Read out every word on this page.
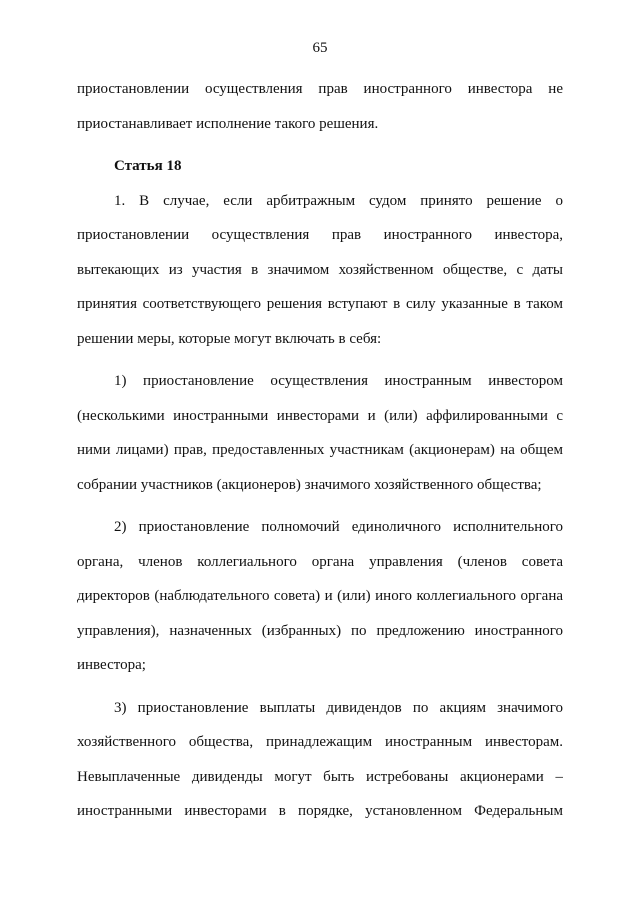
65
приостановлении осуществления прав иностранного инвестора не
приостанавливает исполнение такого решения.
Статья 18
1. В случае, если арбитражным судом принято решение о
приостановлении осуществления прав иностранного инвестора,
вытекающих из участия в значимом хозяйственном обществе, с даты
принятия соответствующего решения вступают в силу указанные в таком
решении меры, которые могут включать в себя:
1) приостановление осуществления иностранным инвестором
(несколькими иностранными инвесторами и (или) аффилированными с
ними лицами) прав, предоставленных участникам (акционерам) на общем
собрании участников (акционеров) значимого хозяйственного общества;
2) приостановление полномочий единоличного исполнительного
органа, членов коллегиального органа управления (членов совета
директоров (наблюдательного совета) и (или) иного коллегиального органа
управления), назначенных (избранных) по предложению иностранного
инвестора;
3) приостановление выплаты дивидендов по акциям значимого
хозяйственного общества, принадлежащим иностранным инвесторам.
Невыплаченные дивиденды могут быть истребованы акционерами –
иностранными инвесторами в порядке, установленном Федеральным
